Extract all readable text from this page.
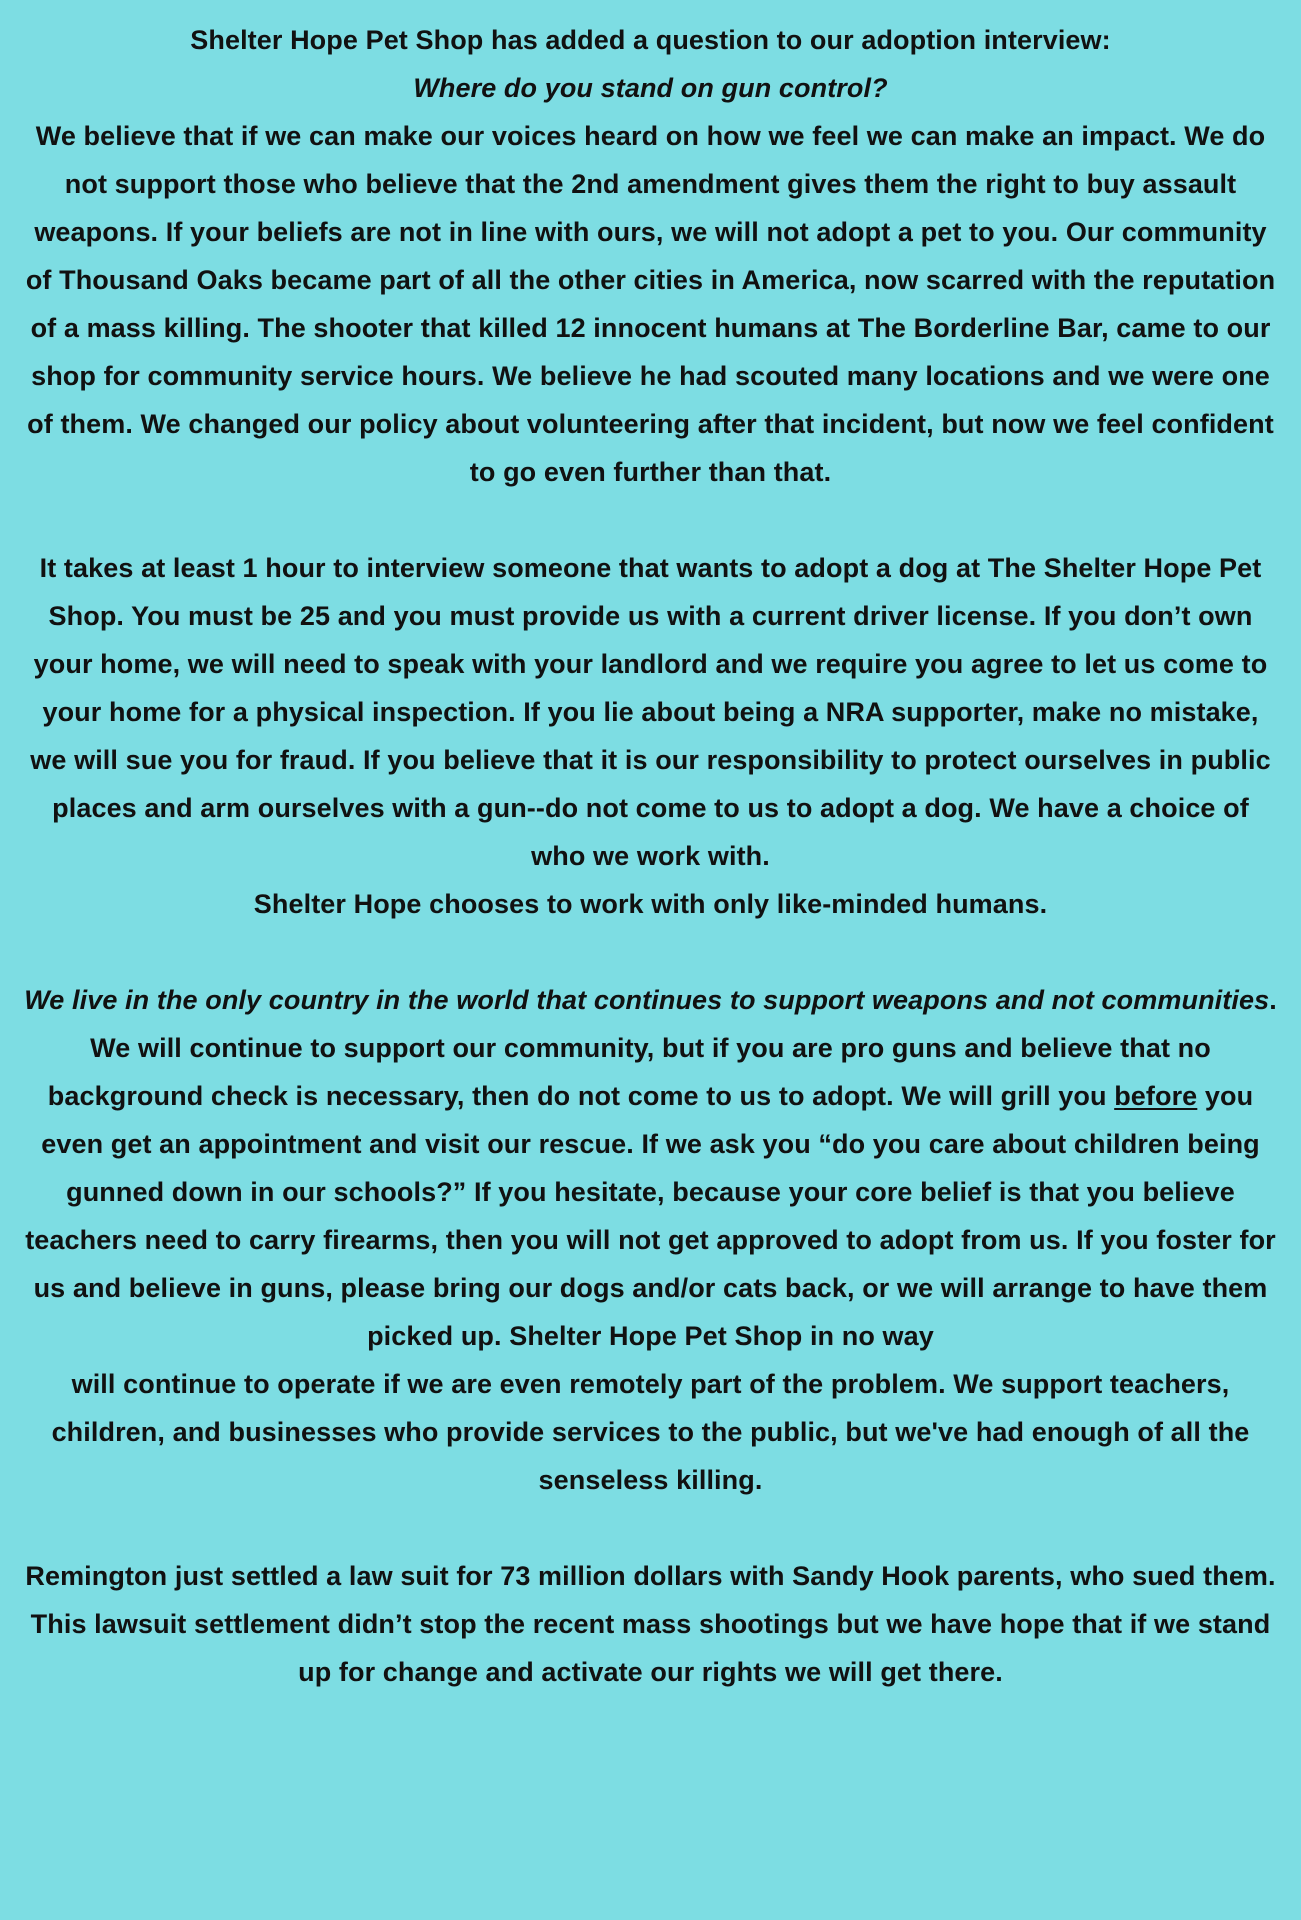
Shelter Hope Pet Shop has added a question to our adoption interview:

Where do you stand on gun control?

We believe that if we can make our voices heard on how we feel we can make an impact. We do not support those who believe that the 2nd amendment gives them the right to buy assault weapons. If your beliefs are not in line with ours, we will not adopt a pet to you. Our community of Thousand Oaks became part of all the other cities in America, now scarred with the reputation of a mass killing. The shooter that killed 12 innocent humans at The Borderline Bar, came to our shop for community service hours. We believe he had scouted many locations and we were one of them. We changed our policy about volunteering after that incident, but now we feel confident to go even further than that.

It takes at least 1 hour to interview someone that wants to adopt a dog at The Shelter Hope Pet Shop. You must be 25 and you must provide us with a current driver license. If you don’t own your home, we will need to speak with your landlord and we require you agree to let us come to your home for a physical inspection. If you lie about being a NRA supporter, make no mistake, we will sue you for fraud. If you believe that it is our responsibility to protect ourselves in public places and arm ourselves with a gun--do not come to us to adopt a dog. We have a choice of who we work with.

Shelter Hope chooses to work with only like-minded humans.

We live in the only country in the world that continues to support weapons and not communities. We will continue to support our community, but if you are pro guns and believe that no background check is necessary, then do not come to us to adopt. We will grill you before you even get an appointment and visit our rescue. If we ask you “do you care about children being gunned down in our schools?” If you hesitate, because your core belief is that you believe teachers need to carry firearms, then you will not get approved to adopt from us. If you foster for us and believe in guns, please bring our dogs and/or cats back, or we will arrange to have them picked up. Shelter Hope Pet Shop in no way

will continue to operate if we are even remotely part of the problem. We support teachers, children, and businesses who provide services to the public, but we've had enough of all the senseless killing.

Remington just settled a law suit for 73 million dollars with Sandy Hook parents, who sued them. This lawsuit settlement didn’t stop the recent mass shootings but we have hope that if we stand up for change and activate our rights we will get there.
